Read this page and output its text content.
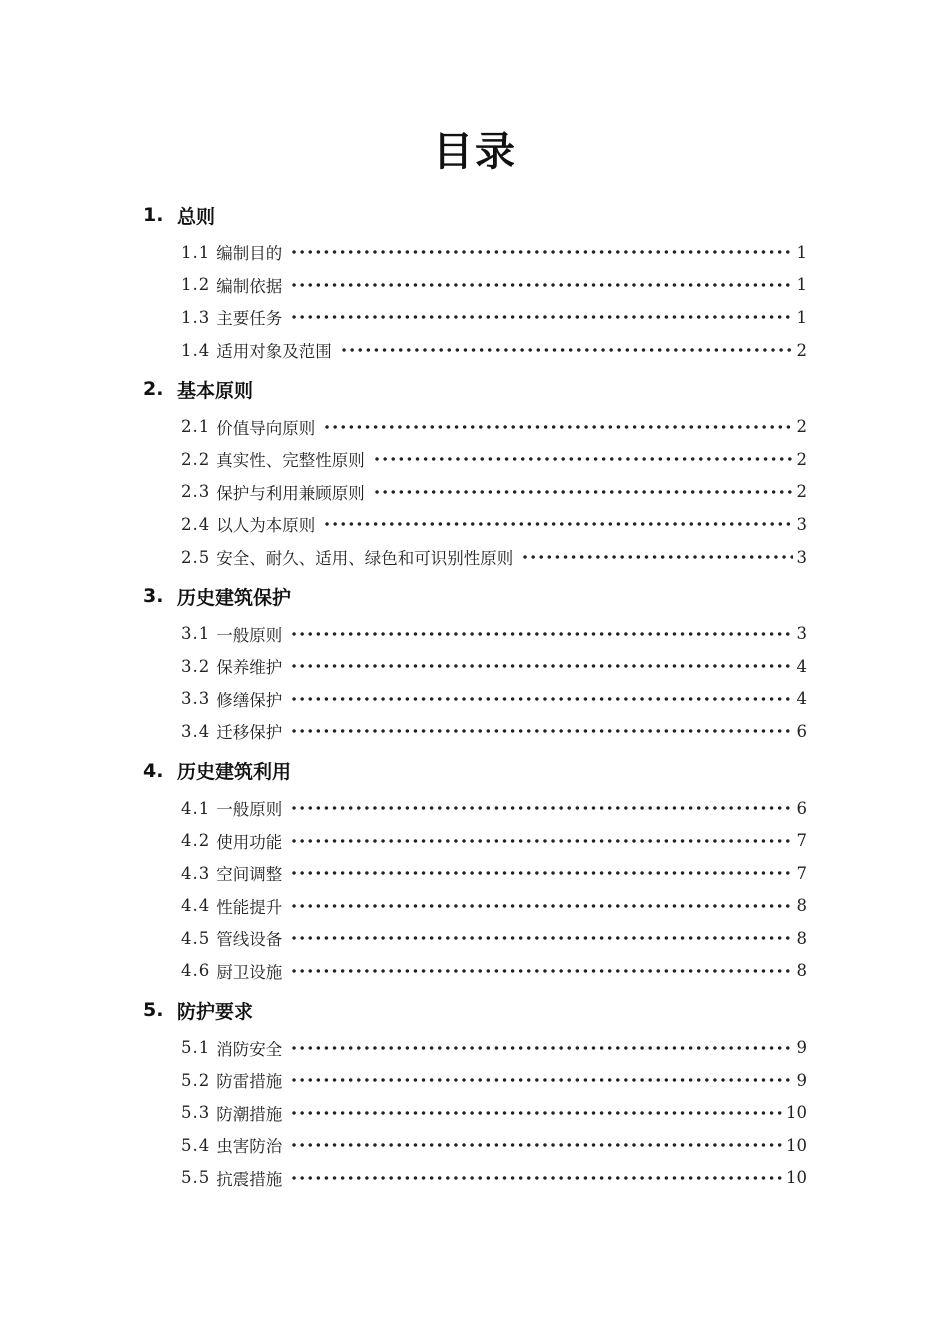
目录
1. 总则
1.1 编制目的	1
1.2 编制依据	1
1.3 主要任务	1
1.4 适用对象及范围	2
2. 基本原则
2.1 价值导向原则	2
2.2 真实性、完整性原则	2
2.3 保护与利用兼顾原则	2
2.4 以人为本原则	3
2.5 安全、耐久、适用、绿色和可识别性原则	3
3. 历史建筑保护
3.1 一般原则	3
3.2 保养维护	4
3.3 修缮保护	4
3.4 迁移保护	6
4. 历史建筑利用
4.1 一般原则	6
4.2 使用功能	7
4.3 空间调整	7
4.4 性能提升	8
4.5 管线设备	8
4.6 厨卫设施	8
5. 防护要求
5.1 消防安全	9
5.2 防雷措施	9
5.3 防潮措施	10
5.4 虫害防治	10
5.5 抗震措施	10
